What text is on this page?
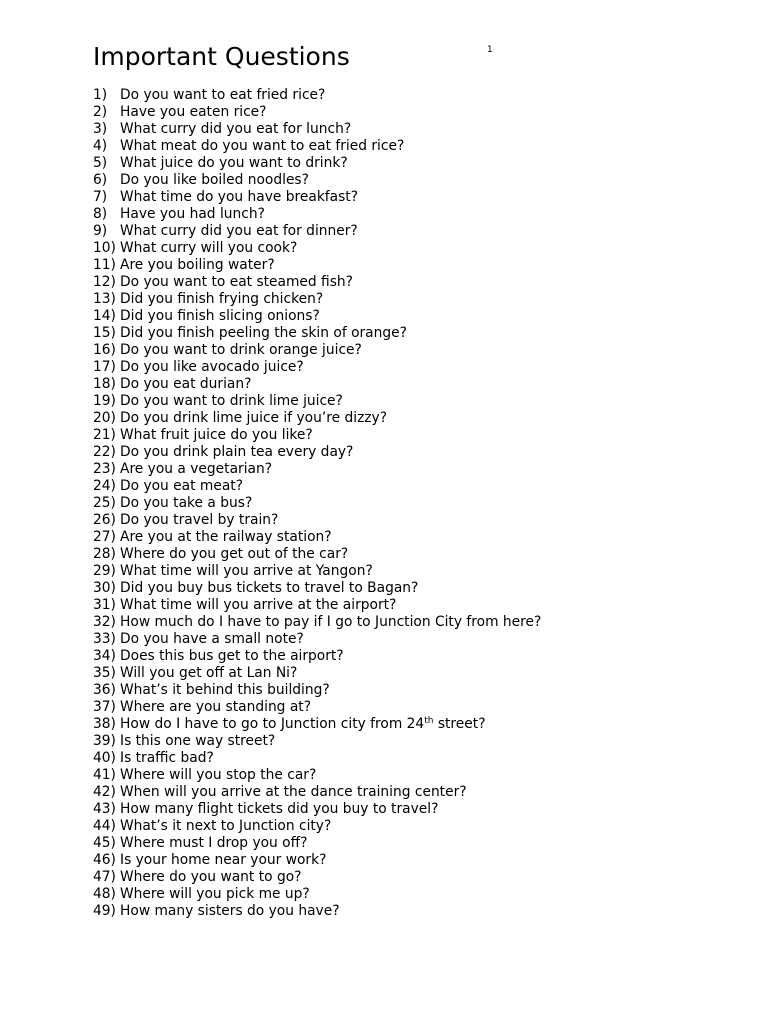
Important Questions	1
1) Do you want to eat fried rice?
2) Have you eaten rice?
3) What curry did you eat for lunch?
4) What meat do you want to eat fried rice?
5) What juice do you want to drink?
6) Do you like boiled noodles?
7) What time do you have breakfast?
8) Have you had lunch?
9) What curry did you eat for dinner?
10) What curry will you cook?
11) Are you boiling water?
12) Do you want to eat steamed fish?
13) Did you finish frying chicken?
14) Did you finish slicing onions?
15) Did you finish peeling the skin of orange?
16) Do you want to drink orange juice?
17) Do you like avocado juice?
18) Do you eat durian?
19) Do you want to drink lime juice?
20) Do you drink lime juice if you’re dizzy?
21) What fruit juice do you like?
22) Do you drink plain tea every day?
23) Are you a vegetarian?
24) Do you eat meat?
25) Do you take a bus?
26) Do you travel by train?
27) Are you at the railway station?
28) Where do you get out of the car?
29) What time will you arrive at Yangon?
30) Did you buy bus tickets to travel to Bagan?
31) What time will you arrive at the airport?
32) How much do I have to pay if I go to Junction City from here?
33) Do you have a small note?
34) Does this bus get to the airport?
35) Will you get off at Lan Ni?
36) What’s it behind this building?
37) Where are you standing at?
38) How do I have to go to Junction city from 24th street?
39) Is this one way street?
40) Is traffic bad?
41) Where will you stop the car?
42) When will you arrive at the dance training center?
43) How many flight tickets did you buy to travel?
44) What’s it next to Junction city?
45) Where must I drop you off?
46) Is your home near your work?
47) Where do you want to go?
48) Where will you pick me up?
49) How many sisters do you have?
